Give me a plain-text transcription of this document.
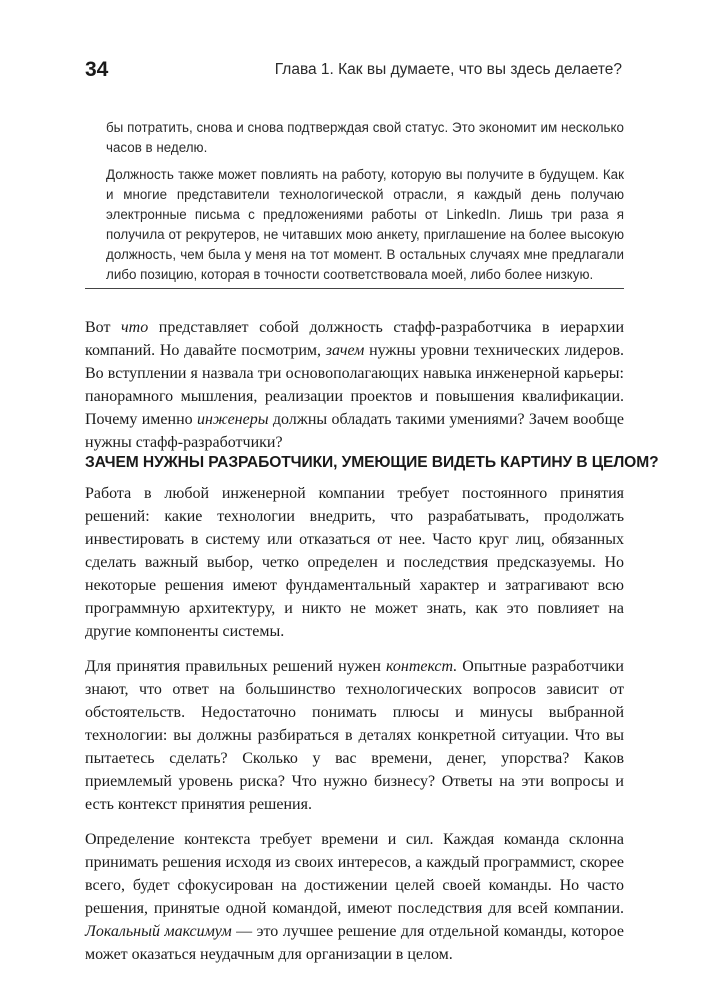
34	Глава 1. Как вы думаете, что вы здесь делаете?

бы потратить, снова и снова подтверждая свой статус. Это экономит им несколько часов в неделю.

Должность также может повлиять на работу, которую вы получите в будущем. Как и многие представители технологической отрасли, я каждый день получаю электронные письма с предложениями работы от LinkedIn. Лишь три раза я получила от рекрутеров, не читавших мою анкету, приглашение на более высокую должность, чем была у меня на тот момент. В остальных случаях мне предлагали либо позицию, которая в точности соответствовала моей, либо более низкую.

Вот что представляет собой должность стафф-разработчика в иерархии компаний. Но давайте посмотрим, зачем нужны уровни технических лидеров. Во вступлении я назвала три основополагающих навыка инженерной карьеры: панорамного мышления, реализации проектов и повышения квалификации. Почему именно инженеры должны обладать такими умениями? Зачем вообще нужны стафф-разработчики?

ЗАЧЕМ НУЖНЫ РАЗРАБОТЧИКИ, УМЕЮЩИЕ ВИДЕТЬ КАРТИНУ В ЦЕЛОМ?

Работа в любой инженерной компании требует постоянного принятия решений: какие технологии внедрить, что разрабатывать, продолжать инвестировать в систему или отказаться от нее. Часто круг лиц, обязанных сделать важный выбор, четко определен и последствия предсказуемы. Но некоторые решения имеют фундаментальный характер и затрагивают всю программную архитектуру, и никто не может знать, как это повлияет на другие компоненты системы.

Для принятия правильных решений нужен контекст. Опытные разработчики знают, что ответ на большинство технологических вопросов зависит от обстоятельств. Недостаточно понимать плюсы и минусы выбранной технологии: вы должны разбираться в деталях конкретной ситуации. Что вы пытаетесь сделать? Сколько у вас времени, денег, упорства? Каков приемлемый уровень риска? Что нужно бизнесу? Ответы на эти вопросы и есть контекст принятия решения.

Определение контекста требует времени и сил. Каждая команда склонна принимать решения исходя из своих интересов, а каждый программист, скорее всего, будет сфокусирован на достижении целей своей команды. Но часто решения, принятые одной командой, имеют последствия для всей компании. Локальный максимум — это лучшее решение для отдельной команды, которое может оказаться неудачным для организации в целом.
